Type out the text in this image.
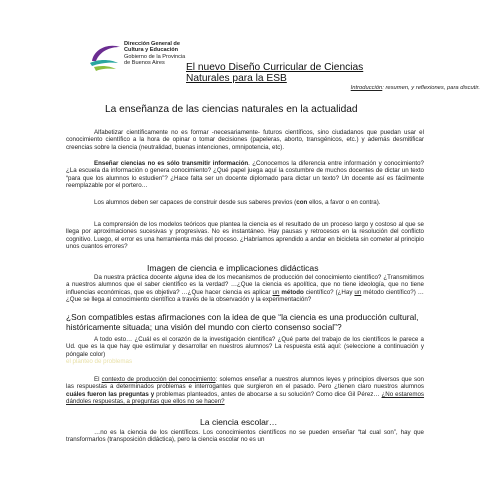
Dirección General de
Cultura y Educación
Gobierno de la Provincia
de Buenos Aires	El nuevo Diseño Curricular de Ciencias
Naturales para la ESB
Introducción: resumen, y reflexiones, para discutir.
La enseñanza de las ciencias naturales en la actualidad

Alfabetizar científicamente no es formar -necesariamente- futuros científicos, sino ciudadanos que puedan usar el conocimiento científico a la hora de opinar o tomar decisiones (papeleras, aborto, transgénicos, etc.) y además desmitificar creencias sobre la ciencia (neutralidad, buenas intenciones, omnipotencia, etc).

Enseñar ciencias no es sólo transmitir información. ¿Conocemos la diferencia entre información y conocimiento? ¿La escuela da información o genera conocimiento? ¿Qué papel juega aquí la costumbre de muchos docentes de dictar un texto “para que los alumnos lo estudien”? ¿Hace falta ser un docente diplomado para dictar un texto? Un docente así es fácilmente reemplazable por el portero…

Los alumnos deben ser capaces de construir desde sus saberes previos (con ellos, a favor o en contra).

La comprensión de los modelos teóricos que plantea la ciencia es el resultado de un proceso largo y costoso al que se llega por aproximaciones sucesivas y progresivas. No es instantáneo. Hay pausas y retrocesos en la resolución del conflicto cognitivo. Luego, el error es una herramienta más del proceso. ¿Habríamos aprendido a andar en bicicleta sin cometer al principio unos cuantos errores?

Imagen de ciencia e implicaciones didácticas

Da nuestra práctica docente alguna idea de los mecanismos de producción del conocimiento científico? ¿Transmitimos a nuestros alumnos que el saber científico es la verdad? …¿Que la ciencia es apolítica, que no tiene ideología, que no tiene influencias económicas, que es objetiva? …¿Que hacer ciencia es aplicar un método científico? (¿Hay un método científico?) …¿Que se llega al conocimiento científico a través de la observación y la experimentación?

¿Son compatibles estas afirmaciones con la idea de que “la ciencia es una producción cultural, históricamente situada; una visión del mundo con cierto consenso social”?

A todo esto… ¿Cuál es el corazón de la investigación científica? ¿Qué parte del trabajo de los científicos le parece a Ud. que es la que hay que estimular y desarrollar en nuestros alumnos? La respuesta está aquí: (seleccione a continuación y póngale color)
el planteo de problemas

El contexto de producción del conocimiento: solemos enseñar a nuestros alumnos leyes y principios diversos que son las respuestas a determinados problemas e interrogantes que surgieron en el pasado. Pero ¿tienen claro nuestros alumnos cuáles fueron las preguntas y problemas planteados, antes de abocarse a su solución? Como dice Gil Pérez… ¿No estaremos dándoles respuestas, a preguntas que ellos no se hacen?

La ciencia escolar…

…no es la ciencia de los científicos. Los conocimientos científicos no se pueden enseñar “tal cual son”, hay que transformarlos (transposición didáctica), pero la ciencia escolar no es un
